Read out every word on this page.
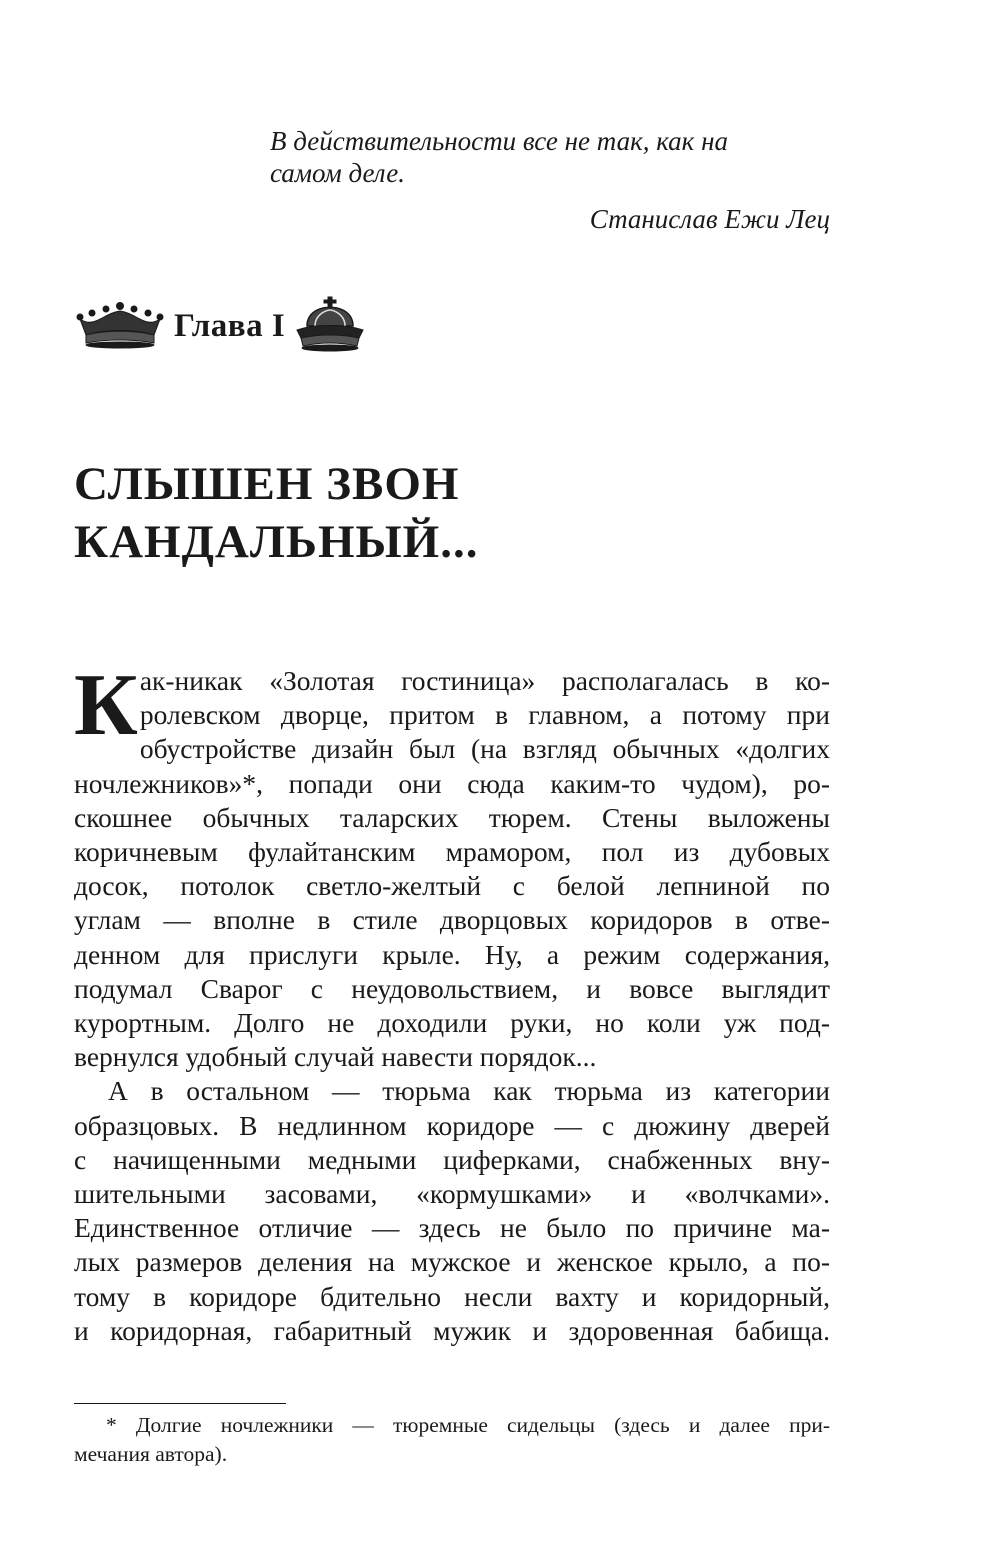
В действительности все не так, как на
самом деле.
Станислав Ежи Лец
Глава I
СЛЫШЕН ЗВОН
КАНДАЛЬНЫЙ...
К ак-никак «Золотая гостиница» располагалась в ко-
ролевском дворце, притом в главном, а потому при
обустройстве дизайн был (на взгляд обычных «долгих
ночлежников»*, попади они сюда каким-то чудом), ро-
скошнее обычных таларских тюрем. Стены выложены
коричневым фулайтанским мрамором, пол из дубовых
досок, потолок светло-желтый с белой лепниной по
углам — вполне в стиле дворцовых коридоров в отве-
денном для прислуги крыле. Ну, а режим содержания,
подумал Сварог с неудовольствием, и вовсе выглядит
курортным. Долго не доходили руки, но коли уж под-
вернулся удобный случай навести порядок...
А в остальном — тюрьма как тюрьма из категории
образцовых. В недлинном коридоре — с дюжину дверей
с начищенными медными циферками, снабженных вну-
шительными засовами, «кормушками» и «волчками».
Единственное отличие — здесь не было по причине ма-
лых размеров деления на мужское и женское крыло, а по-
тому в коридоре бдительно несли вахту и коридорный,
и коридорная, габаритный мужик и здоровенная бабища.
* Долгие ночлежники — тюремные сидельцы (здесь и далее при-
мечания автора).
